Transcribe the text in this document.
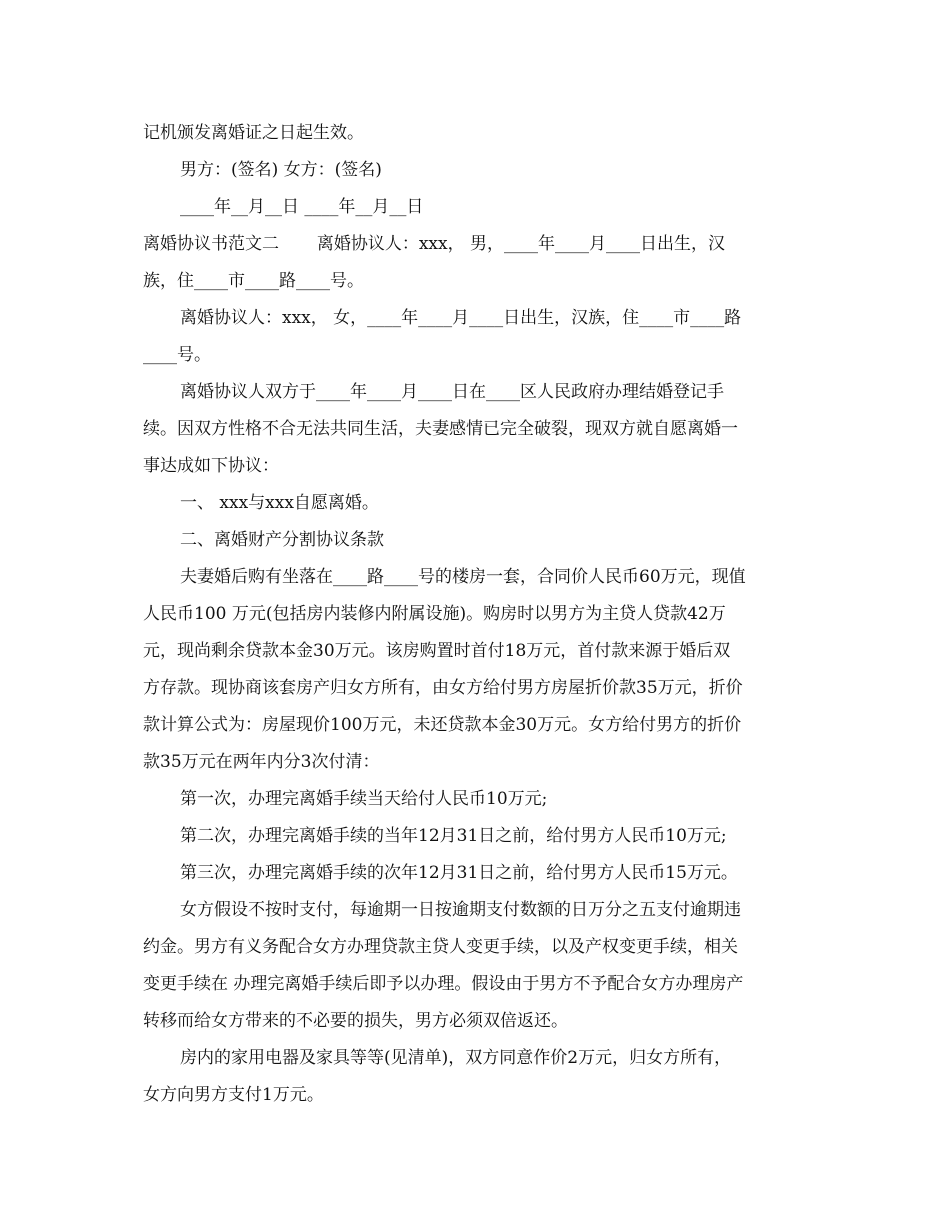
记机颁发离婚证之日起生效。
男方：(签名) 女方：(签名)
____年__月__日 ____年__月__日
离婚协议书范文二       离婚协议人：xxx， 男，____年____月____日出生，汉
族，住____市____路____号。
离婚协议人：xxx， 女，____年____月____日出生，汉族，住____市____路
____号。
离婚协议人双方于____年____月____日在____区人民政府办理结婚登记手
续。因双方性格不合无法共同生活，夫妻感情已完全破裂，现双方就自愿离婚一
事达成如下协议：
一、 xxx与xxx自愿离婚。
二、离婚财产分割协议条款
夫妻婚后购有坐落在____路____号的楼房一套，合同价人民币60万元，现值
人民币100 万元(包括房内装修内附属设施)。购房时以男方为主贷人贷款42万
元，现尚剩余贷款本金30万元。该房购置时首付18万元，首付款来源于婚后双
方存款。现协商该套房产归女方所有，由女方给付男方房屋折价款35万元，折价
款计算公式为：房屋现价100万元，未还贷款本金30万元。女方给付男方的折价
款35万元在两年内分3次付清：
第一次，办理完离婚手续当天给付人民币10万元;
第二次，办理完离婚手续的当年12月31日之前，给付男方人民币10万元;
第三次，办理完离婚手续的次年12月31日之前，给付男方人民币15万元。
女方假设不按时支付，每逾期一日按逾期支付数额的日万分之五支付逾期违
约金。男方有义务配合女方办理贷款主贷人变更手续，以及产权变更手续，相关
变更手续在 办理完离婚手续后即予以办理。假设由于男方不予配合女方办理房产
转移而给女方带来的不必要的损失，男方必须双倍返还。
房内的家用电器及家具等等(见清单)，双方同意作价2万元，归女方所有，
女方向男方支付1万元。
